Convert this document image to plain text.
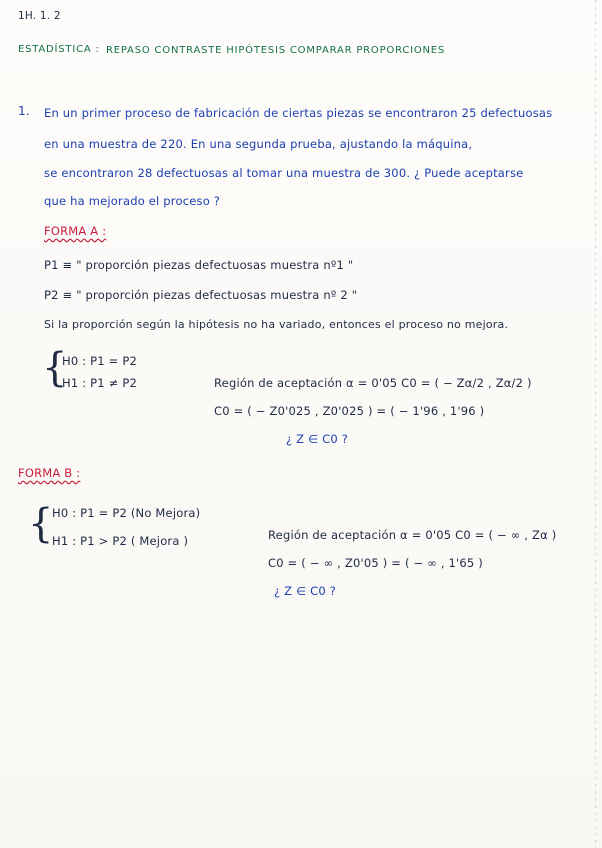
1H. 1. 2
ESTADÍSTICA : REPASO CONTRASTE HIPÓTESIS COMPARAR PROPORCIONES
1. En un primer proceso de fabricación de ciertas piezas se encontraron 25 defectuosas
en una muestra de 220. En una segunda prueba, ajustando la máquina,
se encontraron 28 defectuosas al tomar una muestra de 300. ¿ Puede aceptarse
que ha mejorado el proceso ?
FORMA A :
P1 ≡ " proporción piezas defectuosas muestra nº1 "
P2 ≡ " proporción piezas defectuosas muestra nº 2 "
Si la proporción según la hipótesis no ha variado, entonces el proceso no mejora.
{
H0 : P1 = P2
H1 : P1 ≠ P2	Región de aceptación α = 0'05 C0 = ( − Zα/2 , Zα/2 )
C0 = ( − Z0'025 , Z0'025 ) = ( − 1'96 , 1'96 )
¿ Z ∈ C0 ?
FORMA B :
{
H0 : P1 = P2 (No Mejora)
H1 : P1 > P2 ( Mejora )	Región de aceptación α = 0'05 C0 = ( − ∞ , Zα )
C0 = ( − ∞ , Z0'05 ) = ( − ∞ , 1'65 )
¿ Z ∈ C0 ?
